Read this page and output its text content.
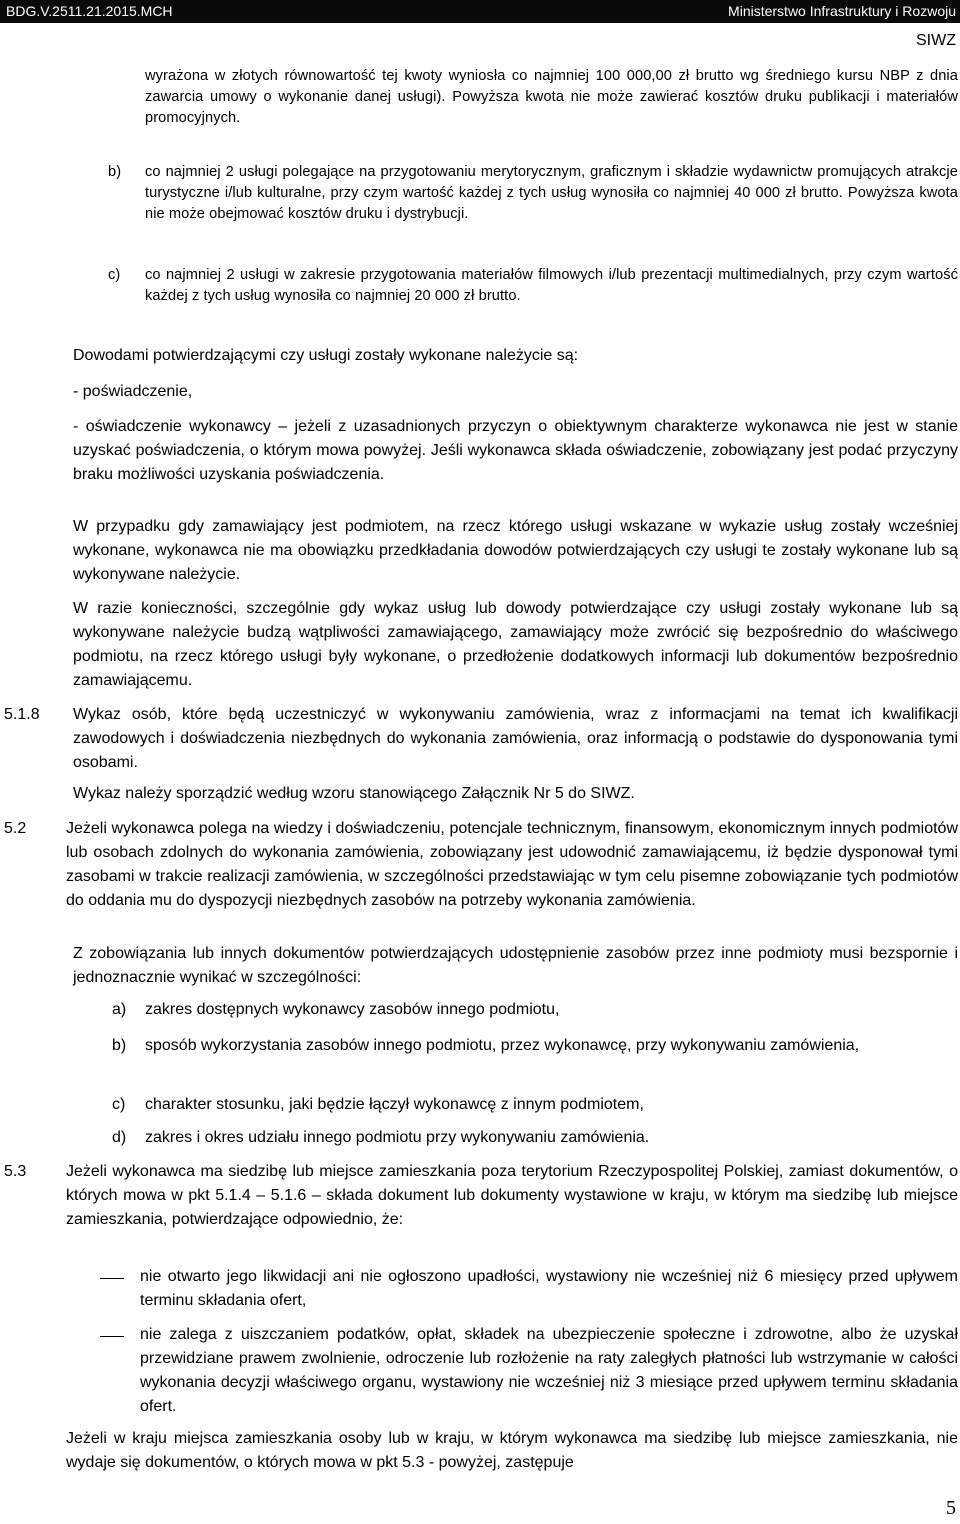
BDG.V.2511.21.2015.MCH	Ministerstwo Infrastruktury i Rozwoju
SIWZ
wyrażona w złotych równowartość tej kwoty wyniosła co najmniej 100 000,00 zł brutto wg średniego kursu NBP z dnia zawarcia umowy o wykonanie danej usługi). Powyższa kwota nie może zawierać kosztów druku publikacji i materiałów promocyjnych.
b) co najmniej 2 usługi polegające na przygotowaniu merytorycznym, graficznym i składzie wydawnictw promujących atrakcje turystyczne i/lub kulturalne, przy czym wartość każdej z tych usług wynosiła co najmniej 40 000 zł brutto. Powyższa kwota nie może obejmować kosztów druku i dystrybucji.
c) co najmniej 2 usługi w zakresie przygotowania materiałów filmowych i/lub prezentacji multimedialnych, przy czym wartość każdej z tych usług wynosiła co najmniej 20 000 zł brutto.
Dowodami potwierdzającymi czy usługi zostały wykonane należycie są:
- poświadczenie,
- oświadczenie wykonawcy – jeżeli z uzasadnionych przyczyn o obiektywnym charakterze wykonawca nie jest w stanie uzyskać poświadczenia, o którym mowa powyżej. Jeśli wykonawca składa oświadczenie, zobowiązany jest podać przyczyny braku możliwości uzyskania poświadczenia.
W przypadku gdy zamawiający jest podmiotem, na rzecz którego usługi wskazane w wykazie usług zostały wcześniej wykonane, wykonawca nie ma obowiązku przedkładania dowodów potwierdzających czy usługi te zostały wykonane lub są wykonywane należycie.
W razie konieczności, szczególnie gdy wykaz usług lub dowody potwierdzające czy usługi zostały wykonane lub są wykonywane należycie budzą wątpliwości zamawiającego, zamawiający może zwrócić się bezpośrednio do właściwego podmiotu, na rzecz którego usługi były wykonane, o przedłożenie dodatkowych informacji lub dokumentów bezpośrednio zamawiającemu.
5.1.8 Wykaz osób, które będą uczestniczyć w wykonywaniu zamówienia, wraz z informacjami na temat ich kwalifikacji zawodowych i doświadczenia niezbędnych do wykonania zamówienia, oraz informacją o podstawie do dysponowania tymi osobami.
Wykaz należy sporządzić według wzoru stanowiącego Załącznik Nr 5 do SIWZ.
5.2 Jeżeli wykonawca polega na wiedzy i doświadczeniu, potencjale technicznym, finansowym, ekonomicznym innych podmiotów lub osobach zdolnych do wykonania zamówienia, zobowiązany jest udowodnić zamawiającemu, iż będzie dysponował tymi zasobami w trakcie realizacji zamówienia, w szczególności przedstawiając w tym celu pisemne zobowiązanie tych podmiotów do oddania mu do dyspozycji niezbędnych zasobów na potrzeby wykonania zamówienia.
Z zobowiązania lub innych dokumentów potwierdzających udostępnienie zasobów przez inne podmioty musi bezspornie i jednoznacznie wynikać w szczególności:
a) zakres dostępnych wykonawcy zasobów innego podmiotu,
b) sposób wykorzystania zasobów innego podmiotu, przez wykonawcę, przy wykonywaniu zamówienia,
c) charakter stosunku, jaki będzie łączył wykonawcę z innym podmiotem,
d) zakres i okres udziału innego podmiotu przy wykonywaniu zamówienia.
5.3 Jeżeli wykonawca ma siedzibę lub miejsce zamieszkania poza terytorium Rzeczypospolitej Polskiej, zamiast dokumentów, o których mowa w pkt 5.1.4 – 5.1.6 – składa dokument lub dokumenty wystawione w kraju, w którym ma siedzibę lub miejsce zamieszkania, potwierdzające odpowiednio, że:
nie otwarto jego likwidacji ani nie ogłoszono upadłości, wystawiony nie wcześniej niż 6 miesięcy przed upływem terminu składania ofert,
nie zalega z uiszczaniem podatków, opłat, składek na ubezpieczenie społeczne i zdrowotne, albo że uzyskał przewidziane prawem zwolnienie, odroczenie lub rozłożenie na raty zaległych płatności lub wstrzymanie w całości wykonania decyzji właściwego organu, wystawiony nie wcześniej niż 3 miesiące przed upływem terminu składania ofert.
Jeżeli w kraju miejsca zamieszkania osoby lub w kraju, w którym wykonawca ma siedzibę lub miejsce zamieszkania, nie wydaje się dokumentów, o których mowa w pkt 5.3 - powyżej, zastępuje
5
